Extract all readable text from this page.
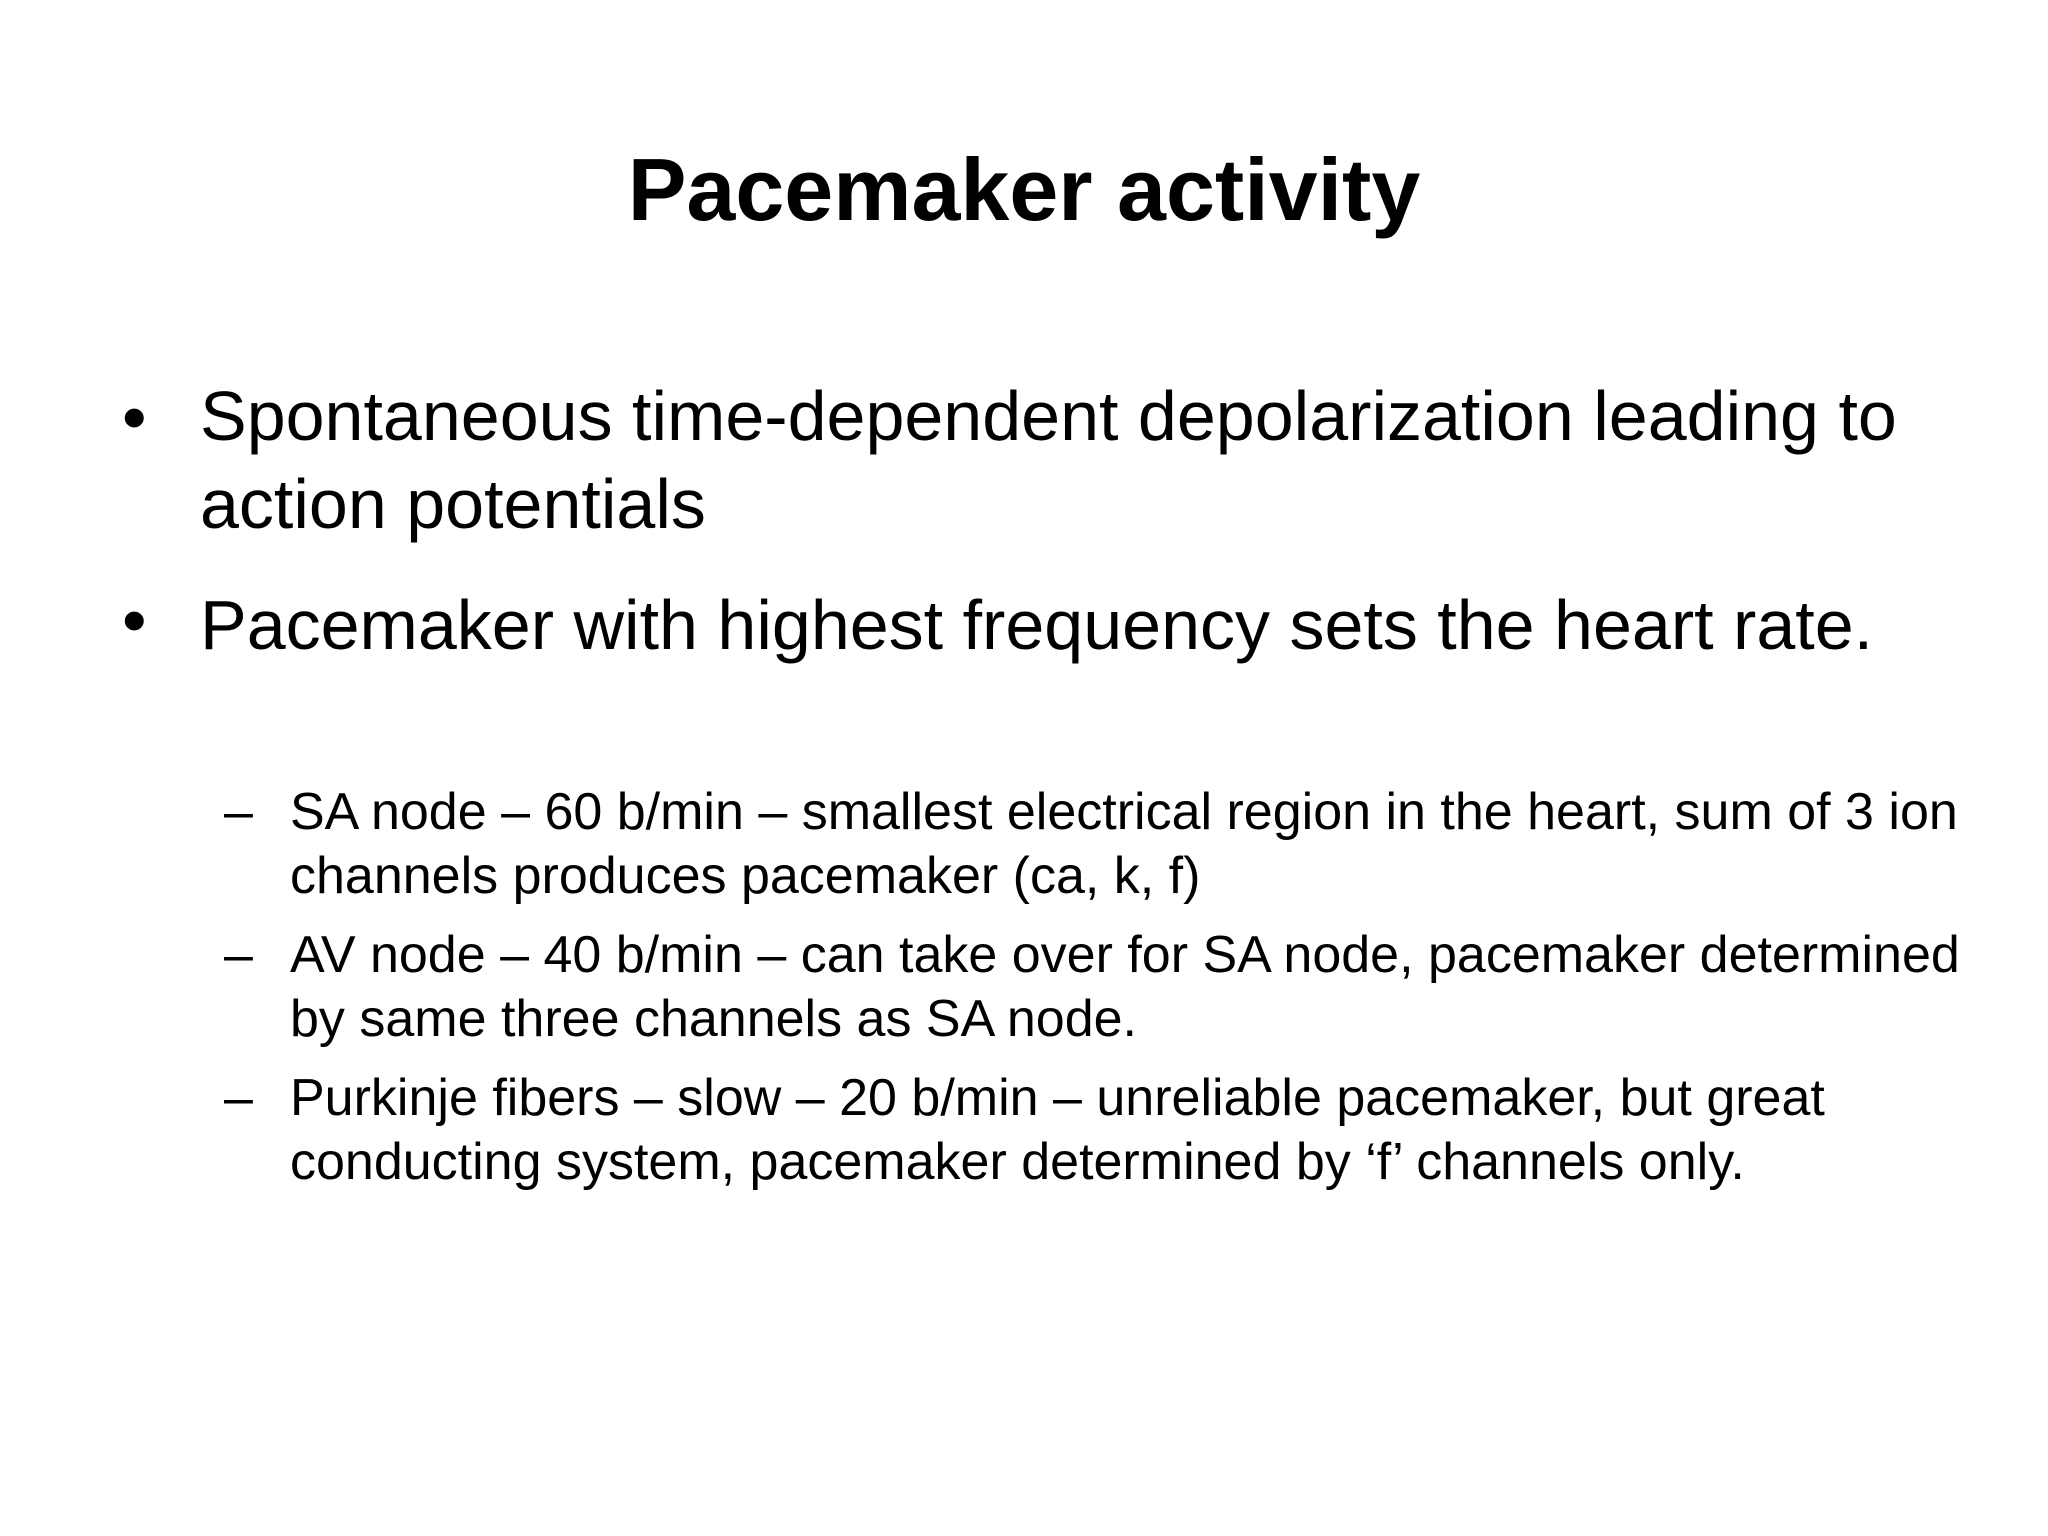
Pacemaker activity
• Spontaneous time-dependent depolarization leading to action potentials
• Pacemaker with highest frequency sets the heart rate.
– SA node – 60 b/min – smallest electrical region in the heart, sum of 3 ion channels produces pacemaker (ca, k, f)
– AV node – 40 b/min – can take over for SA node, pacemaker determined by same three channels as SA node.
– Purkinje fibers – slow – 20 b/min – unreliable pacemaker, but great conducting system, pacemaker determined by ‘f’ channels only.
